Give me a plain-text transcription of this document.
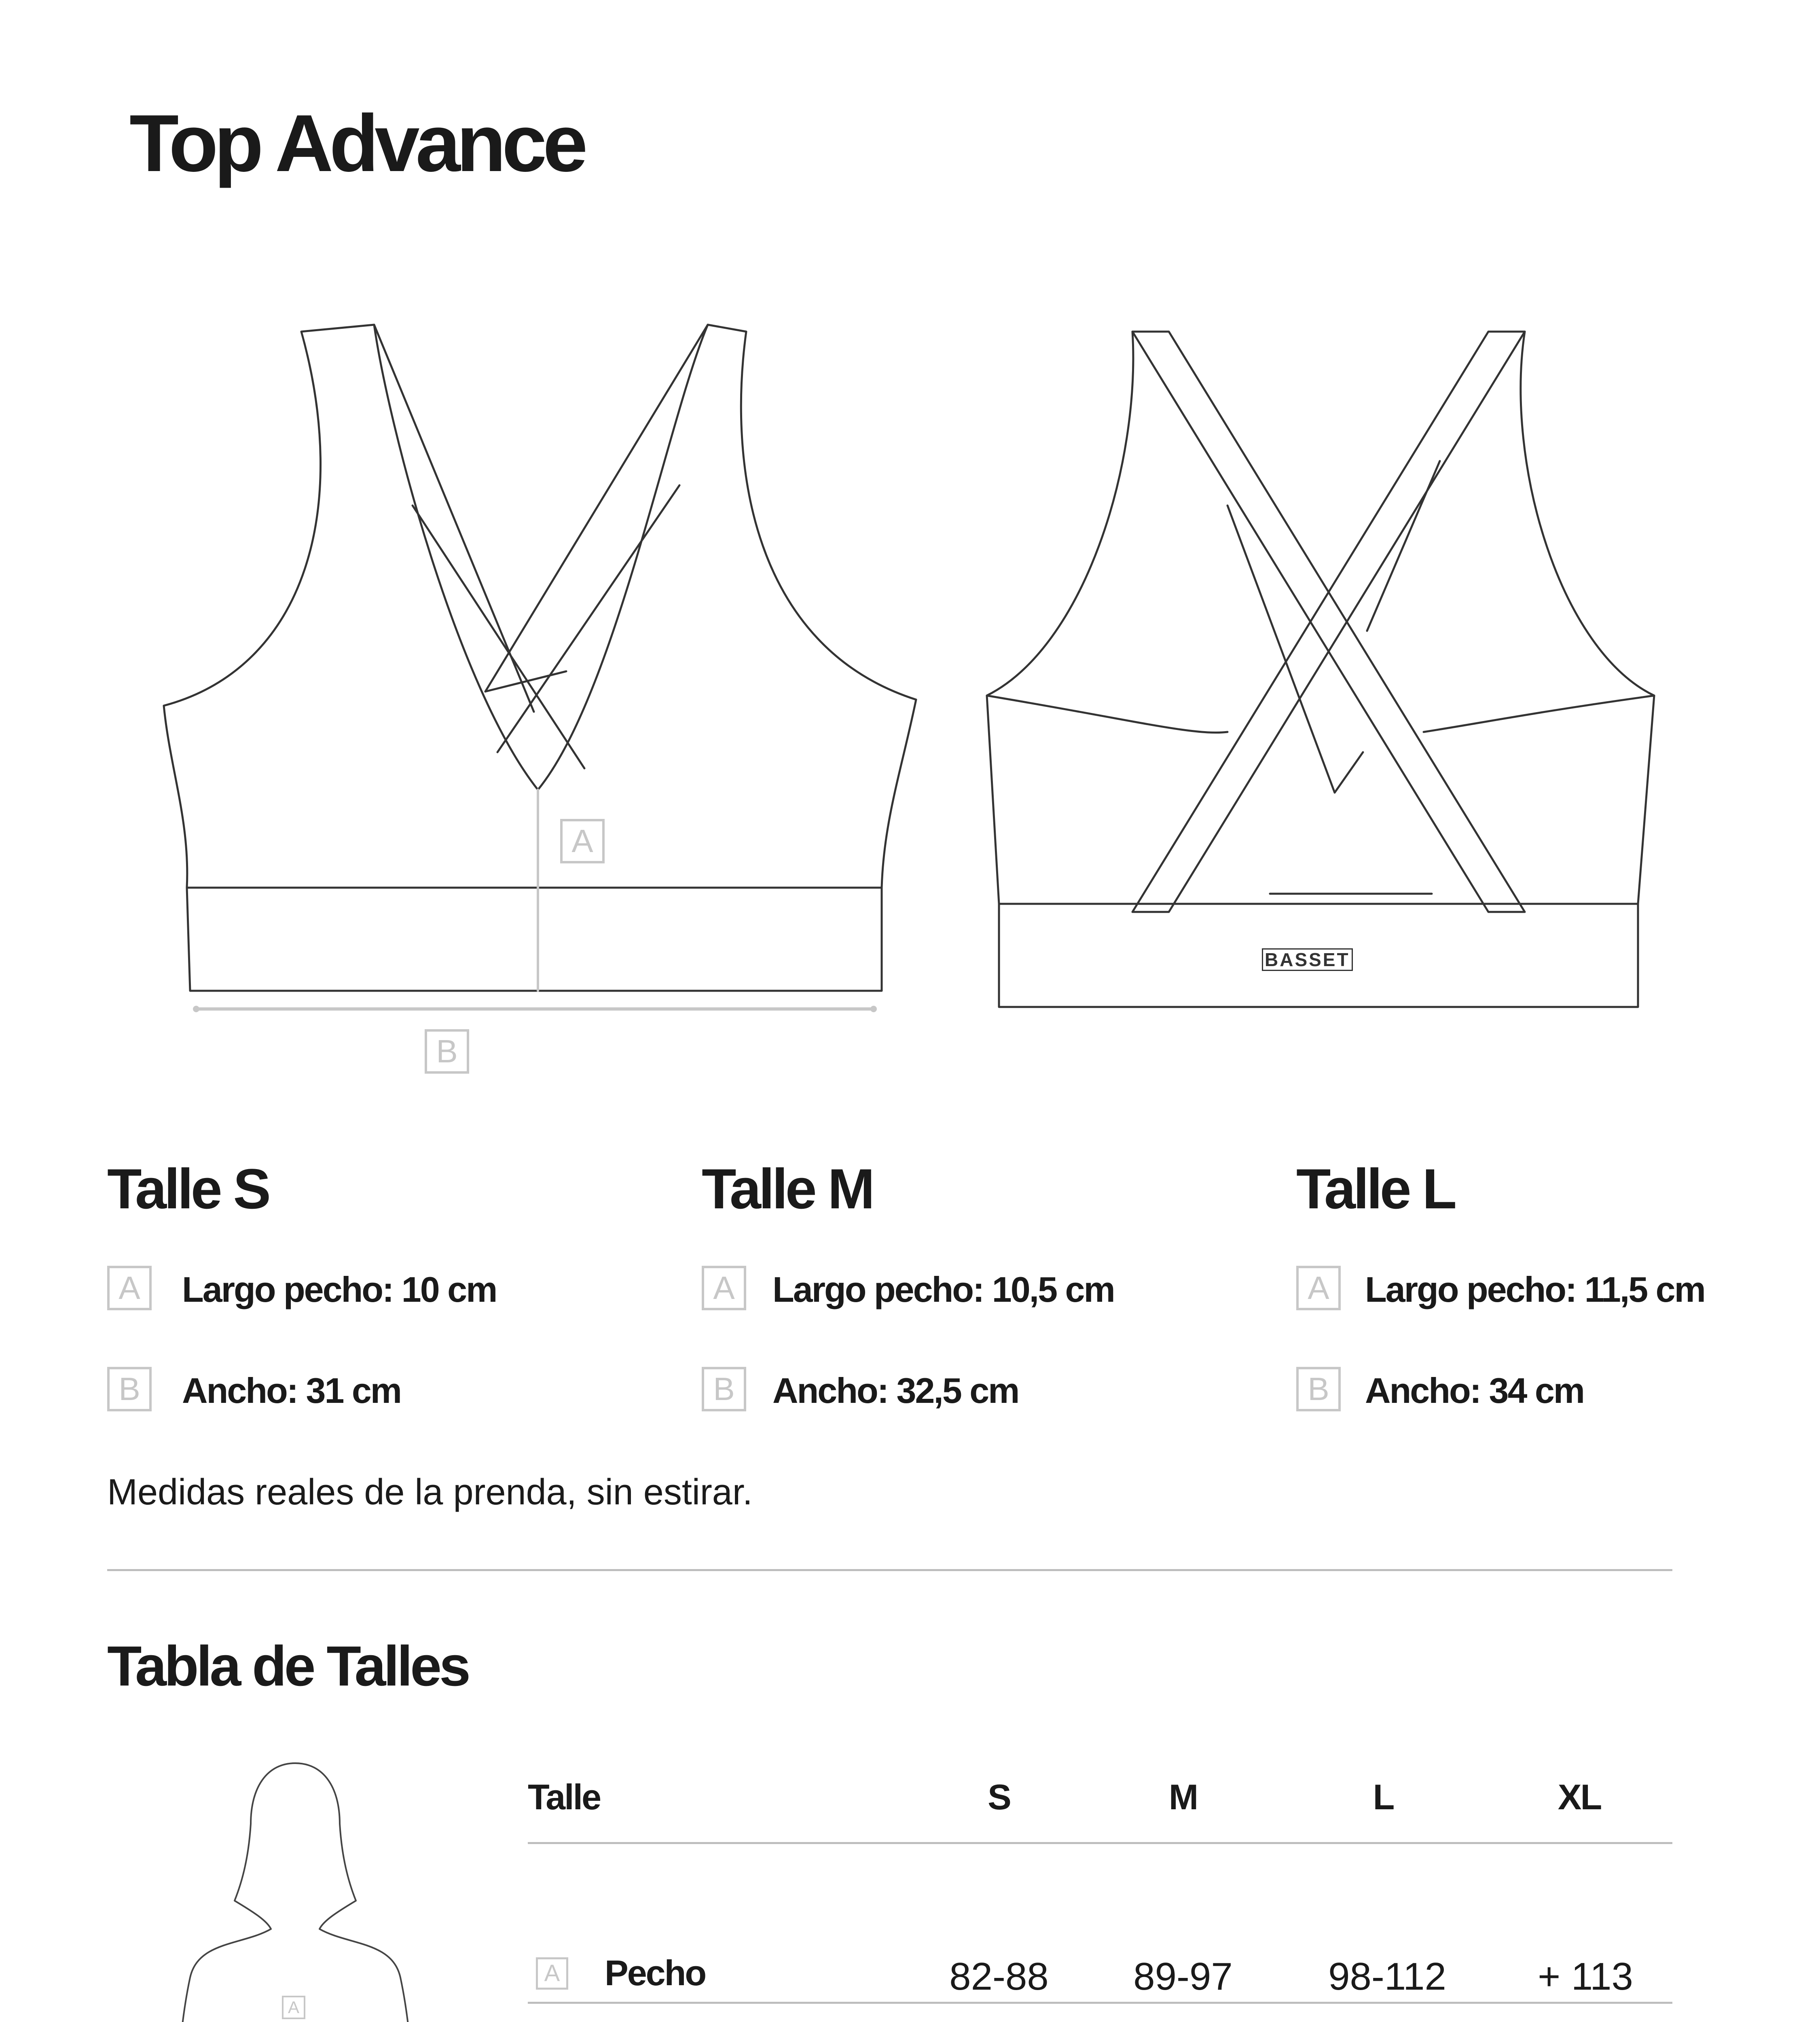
Top Advance
A
B
BASSET
Talle S
A	Largo pecho: 10 cm
B	Ancho: 31 cm
Talle M
A	Largo pecho: 10,5 cm
B	Ancho: 32,5 cm
Talle L
A	Largo pecho: 11,5 cm
B	Ancho: 34 cm
Medidas reales de la prenda, sin estirar.
Tabla de Talles
A
Talle	S	M	L	XL
A Pecho	82-88	89-97	98-112	+ 113
